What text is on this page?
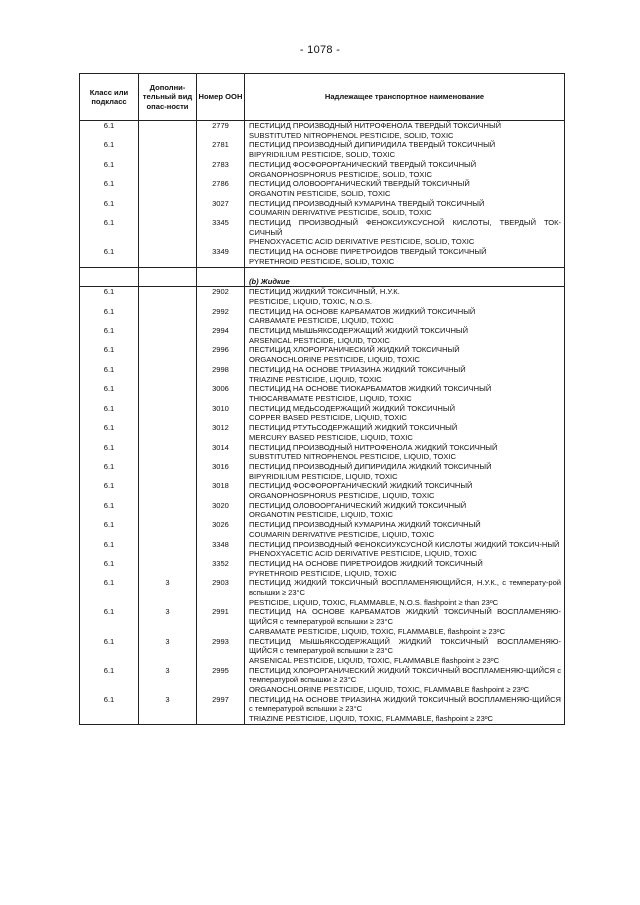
- 1078 -
Класс или подкласс	Дополни-тельный вид опас-ности	Номер ООН	Надлежащее транспортное наименование
6.1		2779	ПЕСТИЦИД ПРОИЗВОДНЫЙ НИТРОФЕНОЛА ТВЕРДЫЙ ТОКСИЧНЫЙ
SUBSTITUTED NITROPHENOL PESTICIDE, SOLID, TOXIC

6.1		2781	ПЕСТИЦИД ПРОИЗВОДНЫЙ ДИПИРИДИЛА ТВЕРДЫЙ ТОКСИЧНЫЙ
BIPYRIDILIUM PESTICIDE, SOLID, TOXIC

6.1		2783	ПЕСТИЦИД ФОСФОРОРГАНИЧЕСКИЙ ТВЕРДЫЙ ТОКСИЧНЫЙ
ORGANOPHOSPHORUS PESTICIDE, SOLID, TOXIC

6.1		2786	ПЕСТИЦИД ОЛОВООРГАНИЧЕСКИЙ ТВЕРДЫЙ ТОКСИЧНЫЙ
ORGANOTIN PESTICIDE, SOLID, TOXIC

6.1		3027	ПЕСТИЦИД ПРОИЗВОДНЫЙ КУМАРИНА ТВЕРДЫЙ ТОКСИЧНЫЙ
COUMARIN DERIVATIVE PESTICIDE, SOLID, TOXIC

6.1		3345	ПЕСТИЦИД ПРОИЗВОДНЫЙ ФЕНОКСИУКСУСНОЙ КИСЛОТЫ, ТВЕРДЫЙ ТОК-СИЧНЫЙ
PHENOXYACETIC ACID DERIVATIVE PESTICIDE, SOLID, TOXIC

6.1		3349	ПЕСТИЦИД НА ОСНОВЕ ПИРЕТРОИДОВ ТВЕРДЫЙ ТОКСИЧНЫЙ
PYRETHROID PESTICIDE, SOLID, TOXIC

			(b) Жидкие

6.1		2902	ПЕСТИЦИД ЖИДКИЙ ТОКСИЧНЫЙ, Н.У.К.
PESTICIDE, LIQUID, TOXIC, N.O.S.

6.1		2992	ПЕСТИЦИД НА ОСНОВЕ КАРБАМАТОВ ЖИДКИЙ ТОКСИЧНЫЙ
CARBAMATE PESTICIDE, LIQUID, TOXIC

6.1		2994	ПЕСТИЦИД МЫШЬЯКСОДЕРЖАЩИЙ ЖИДКИЙ ТОКСИЧНЫЙ
ARSENICAL PESTICIDE, LIQUID, TOXIC

6.1		2996	ПЕСТИЦИД ХЛОРОРГАНИЧЕСКИЙ ЖИДКИЙ ТОКСИЧНЫЙ
ORGANOCHLORINE PESTICIDE, LIQUID, TOXIC

6.1		2998	ПЕСТИЦИД НА ОСНОВЕ ТРИАЗИНА ЖИДКИЙ ТОКСИЧНЫЙ
TRIAZINE PESTICIDE, LIQUID, TOXIC

6.1		3006	ПЕСТИЦИД НА ОСНОВЕ ТИОКАРБАМАТОВ ЖИДКИЙ ТОКСИЧНЫЙ
THIOCARBAMATE PESTICIDE, LIQUID, TOXIC

6.1		3010	ПЕСТИЦИД МЕДЬСОДЕРЖАЩИЙ ЖИДКИЙ ТОКСИЧНЫЙ
COPPER BASED PESTICIDE, LIQUID, TOXIC

6.1		3012	ПЕСТИЦИД РТУТЬСОДЕРЖАЩИЙ ЖИДКИЙ ТОКСИЧНЫЙ
MERCURY BASED PESTICIDE, LIQUID, TOXIC

6.1		3014	ПЕСТИЦИД ПРОИЗВОДНЫЙ НИТРОФЕНОЛА ЖИДКИЙ ТОКСИЧНЫЙ
SUBSTITUTED NITROPHENOL PESTICIDE, LIQUID, TOXIC

6.1		3016	ПЕСТИЦИД ПРОИЗВОДНЫЙ ДИПИРИДИЛА ЖИДКИЙ ТОКСИЧНЫЙ
BIPYRIDILIUM PESTICIDE, LIQUID, TOXIC

6.1		3018	ПЕСТИЦИД ФОСФОРОРГАНИЧЕСКИЙ ЖИДКИЙ ТОКСИЧНЫЙ
ORGANOPHOSPHORUS PESTICIDE, LIQUID, TOXIC

6.1		3020	ПЕСТИЦИД ОЛОВООРГАНИЧЕСКИЙ ЖИДКИЙ ТОКСИЧНЫЙ
ORGANOTIN PESTICIDE, LIQUID, TOXIC

6.1		3026	ПЕСТИЦИД ПРОИЗВОДНЫЙ КУМАРИНА ЖИДКИЙ ТОКСИЧНЫЙ
COUMARIN DERIVATIVE PESTICIDE, LIQUID, TOXIC

6.1		3348	ПЕСТИЦИД ПРОИЗВОДНЫЙ ФЕНОКСИУКСУСНОЙ КИСЛОТЫ ЖИДКИЙ ТОКСИЧ-НЫЙ
PHENOXYACETIC ACID DERIVATIVE PESTICIDE, LIQUID, TOXIC

6.1		3352	ПЕСТИЦИД НА ОСНОВЕ ПИРЕТРОИДОВ ЖИДКИЙ ТОКСИЧНЫЙ
PYRETHROID PESTICIDE, LIQUID, TOXIC

6.1	3	2903	ПЕСТИЦИД ЖИДКИЙ ТОКСИЧНЫЙ ВОСПЛАМЕНЯЮЩИЙСЯ, Н.У.К., с температу-рой вспышки ≥ 23°C
PESTICIDE, LIQUID, TOXIC, FLAMMABLE, N.O.S. flashpoint ≥ than 23ºC

6.1	3	2991	ПЕСТИЦИД НА ОСНОВЕ КАРБАМАТОВ ЖИДКИЙ ТОКСИЧНЫЙ ВОСПЛАМЕНЯЮ-ЩИЙСЯ с температурой вспышки ≥ 23°C
CARBAMATE PESTICIDE, LIQUID, TOXIC, FLAMMABLE, flashpoint ≥ 23ºC

6.1	3	2993	ПЕСТИЦИД МЫШЬЯКСОДЕРЖАЩИЙ ЖИДКИЙ ТОКСИЧНЫЙ ВОСПЛАМЕНЯЮ-ЩИЙСЯ с температурой вспышки ≥ 23°C
ARSENICAL PESTICIDE, LIQUID, TOXIC, FLAMMABLE flashpoint ≥ 23ºC

6.1	3	2995	ПЕСТИЦИД ХЛОРОРГАНИЧЕСКИЙ ЖИДКИЙ ТОКСИЧНЫЙ ВОСПЛАМЕНЯЮ-ЩИЙСЯ с температурой вспышки ≥ 23°C
ORGANOCHLORINE PESTICIDE, LIQUID, TOXIC, FLAMMABLE flashpoint ≥ 23ºC

6.1	3	2997	ПЕСТИЦИД НА ОСНОВЕ ТРИАЗИНА ЖИДКИЙ ТОКСИЧНЫЙ ВОСПЛАМЕНЯЮ-ЩИЙСЯ с температурой вспышки ≥ 23°C
TRIAZINE PESTICIDE, LIQUID, TOXIC, FLAMMABLE, flashpoint ≥ 23ºC
